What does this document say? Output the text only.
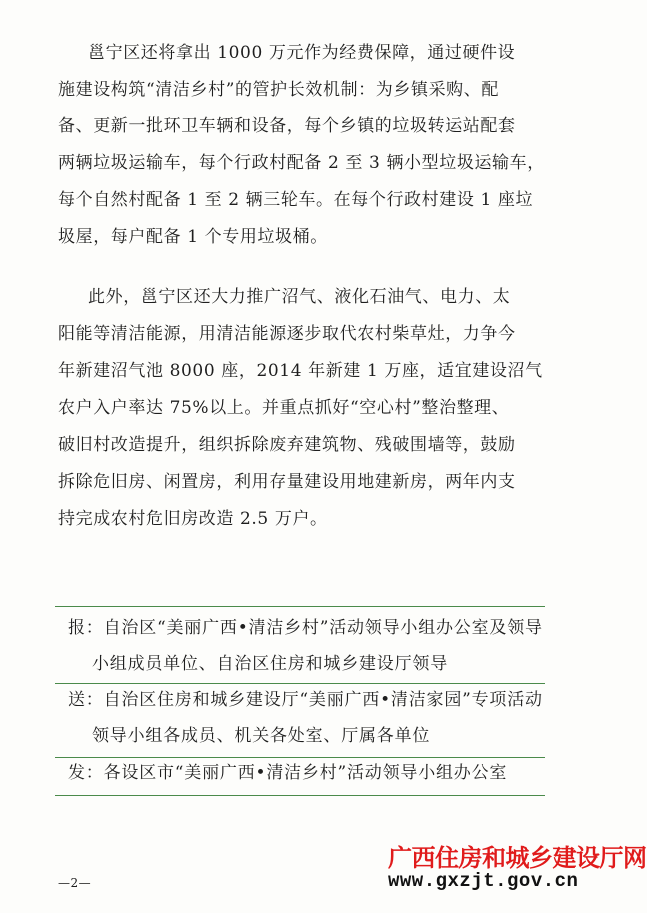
邕宁区还将拿出 1000 万元作为经费保障，通过硬件设
施建设构筑“清洁乡村”的管护长效机制：为乡镇采购、配
备、更新一批环卫车辆和设备，每个乡镇的垃圾转运站配套
两辆垃圾运输车，每个行政村配备 2 至 3 辆小型垃圾运输车，
每个自然村配备 1 至 2 辆三轮车。在每个行政村建设 1 座垃
圾屋，每户配备 1 个专用垃圾桶。
此外，邕宁区还大力推广沼气、液化石油气、电力、太
阳能等清洁能源，用清洁能源逐步取代农村柴草灶，力争今
年新建沼气池 8000 座，2014 年新建 1 万座，适宜建设沼气
农户入户率达 75%以上。并重点抓好“空心村”整治整理、
破旧村改造提升，组织拆除废弃建筑物、残破围墙等，鼓励
拆除危旧房、闲置房，利用存量建设用地建新房，两年内支
持完成农村危旧房改造 2.5 万户。
报：自治区“美丽广西•清洁乡村”活动领导小组办公室及领导
小组成员单位、自治区住房和城乡建设厅领导
送：自治区住房和城乡建设厅“美丽广西•清洁家园”专项活动
领导小组各成员、机关各处室、厅属各单位
发：各设区市“美丽广西•清洁乡村”活动领导小组办公室
—2—
广西住房和城乡建设厅网
www.gxzjt.gov.cn
